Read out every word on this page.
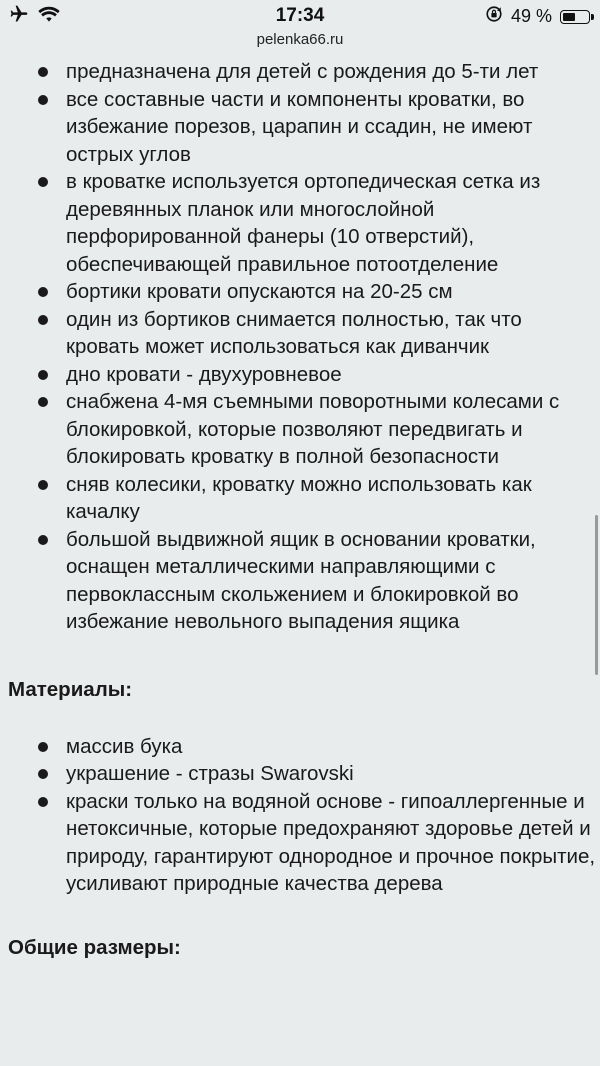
17:34	49 %
pelenka66.ru
предназначена для детей с рождения до 5-ти лет
все составные части и компоненты кроватки, во избежание порезов, царапин и ссадин, не имеют острых углов
в кроватке используется ортопедическая сетка из деревянных планок или многослойной перфорированной фанеры (10 отверстий), обеспечивающей правильное потоотделение
бортики кровати опускаются на 20-25 см
один из бортиков снимается полностью, так что кровать может использоваться как диванчик
дно кровати - двухуровневое
снабжена 4-мя съемными поворотными колесами с блокировкой, которые позволяют передвигать и блокировать кроватку в полной безопасности
сняв колесики, кроватку можно использовать как качалку
большой выдвижной ящик в основании кроватки, оснащен металлическими направляющими с первоклассным скольжением и блокировкой во избежание невольного выпадения ящика
Материалы:
массив бука
украшение - стразы Swarovski
краски только на водяной основе - гипоаллергенные и нетоксичные, которые предохраняют здоровье детей и природу, гарантируют однородное и прочное покрытие, усиливают природные качества дерева
Общие размеры:
